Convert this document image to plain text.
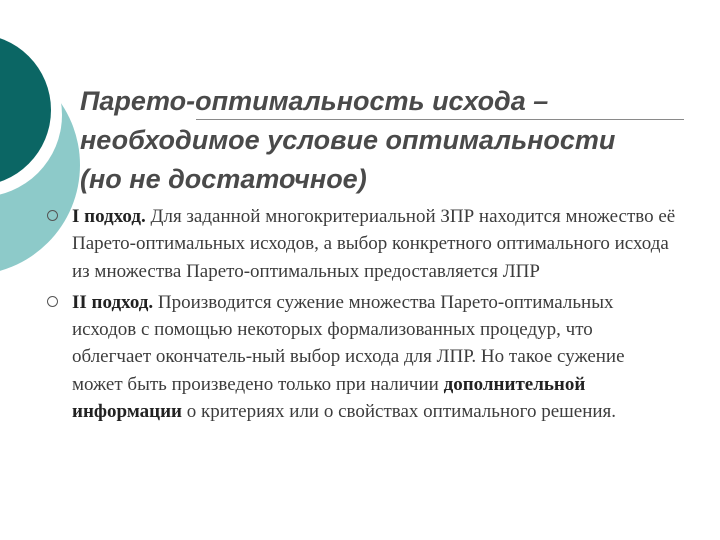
Парето-оптимальность исхода –
необходимое условие оптимальности
(но не достаточное)
I подход. Для заданной многокритериальной ЗПР находится множество её Парето-оптимальных исходов, а выбор конкретного оптимального исхода из множества Парето-оптимальных предоставляется ЛПР
II подход. Производится сужение множества Парето-оптимальных исходов с помощью некоторых формализованных процедур, что облегчает окончатель-ный выбор исхода для ЛПР. Но такое сужение может быть произведено только при наличии дополнительной информации о критериях или о свойствах оптимального решения.
